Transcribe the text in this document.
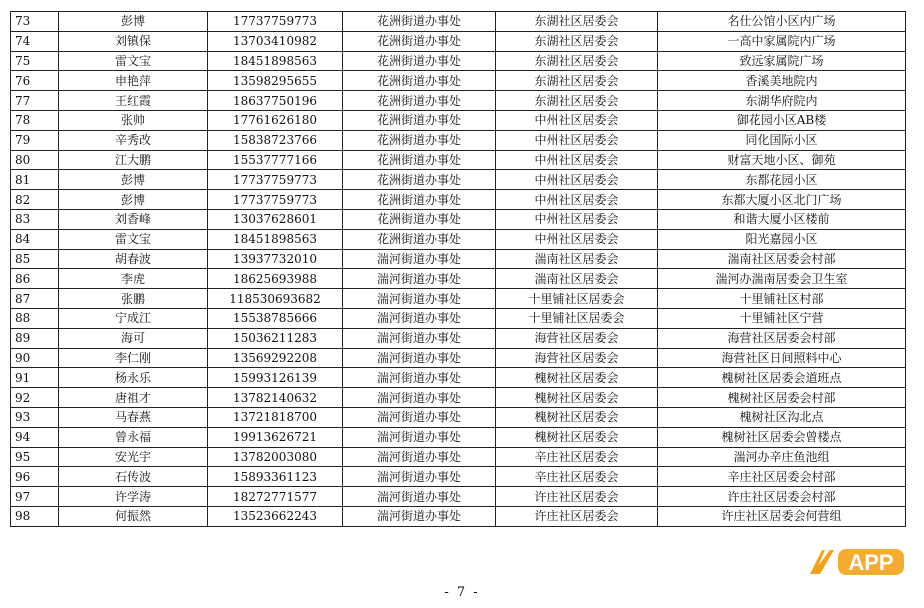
73	彭博	17737759773	花洲街道办事处	东湖社区居委会	名仕公馆小区内广场
74	刘镇保	13703410982	花洲街道办事处	东湖社区居委会	一高中家属院内广场
75	雷文宝	18451898563	花洲街道办事处	东湖社区居委会	致远家属院广场
76	申艳萍	13598295655	花洲街道办事处	东湖社区居委会	香溪美地院内
77	王红霞	18637750196	花洲街道办事处	东湖社区居委会	东湖华府院内
78	张帅	17761626180	花洲街道办事处	中州社区居委会	御花园小区AB楼
79	辛秀改	15838723766	花洲街道办事处	中州社区居委会	同化国际小区
80	江大鹏	15537777166	花洲街道办事处	中州社区居委会	财富天地小区、御苑
81	彭博	17737759773	花洲街道办事处	中州社区居委会	东都花园小区
82	彭博	17737759773	花洲街道办事处	中州社区居委会	东都大厦小区北门广场
83	刘香峰	13037628601	花洲街道办事处	中州社区居委会	和谐大厦小区楼前
84	雷文宝	18451898563	花洲街道办事处	中州社区居委会	阳光嘉园小区
85	胡春波	13937732010	湍河街道办事处	湍南社区居委会	湍南社区居委会村部
86	李虎	18625693988	湍河街道办事处	湍南社区居委会	湍河办湍南居委会卫生室
87	张鹏	118530693682	湍河街道办事处	十里铺社区居委会	十里铺社区村部
88	宁成江	15538785666	湍河街道办事处	十里铺社区居委会	十里铺社区宁营
89	海可	15036211283	湍河街道办事处	海营社区居委会	海营社区居委会村部
90	李仁刚	13569292208	湍河街道办事处	海营社区居委会	海营社区日间照料中心
91	杨永乐	15993126139	湍河街道办事处	槐树社区居委会	槐树社区居委会道班点
92	唐祖才	13782140632	湍河街道办事处	槐树社区居委会	槐树社区居委会村部
93	马春燕	13721818700	湍河街道办事处	槐树社区居委会	槐树社区沟北点
94	曾永福	19913626721	湍河街道办事处	槐树社区居委会	槐树社区居委会曾楼点
95	安光宇	13782003080	湍河街道办事处	辛庄社区居委会	湍河办辛庄鱼池组
96	石传波	15893361123	湍河街道办事处	辛庄社区居委会	辛庄社区居委会村部
97	许学涛	18272771577	湍河街道办事处	许庄社区居委会	许庄社区居委会村部
98	何振然	13523662243	湍河街道办事处	许庄社区居委会	许庄社区居委会何营组
- 7 -
APP
